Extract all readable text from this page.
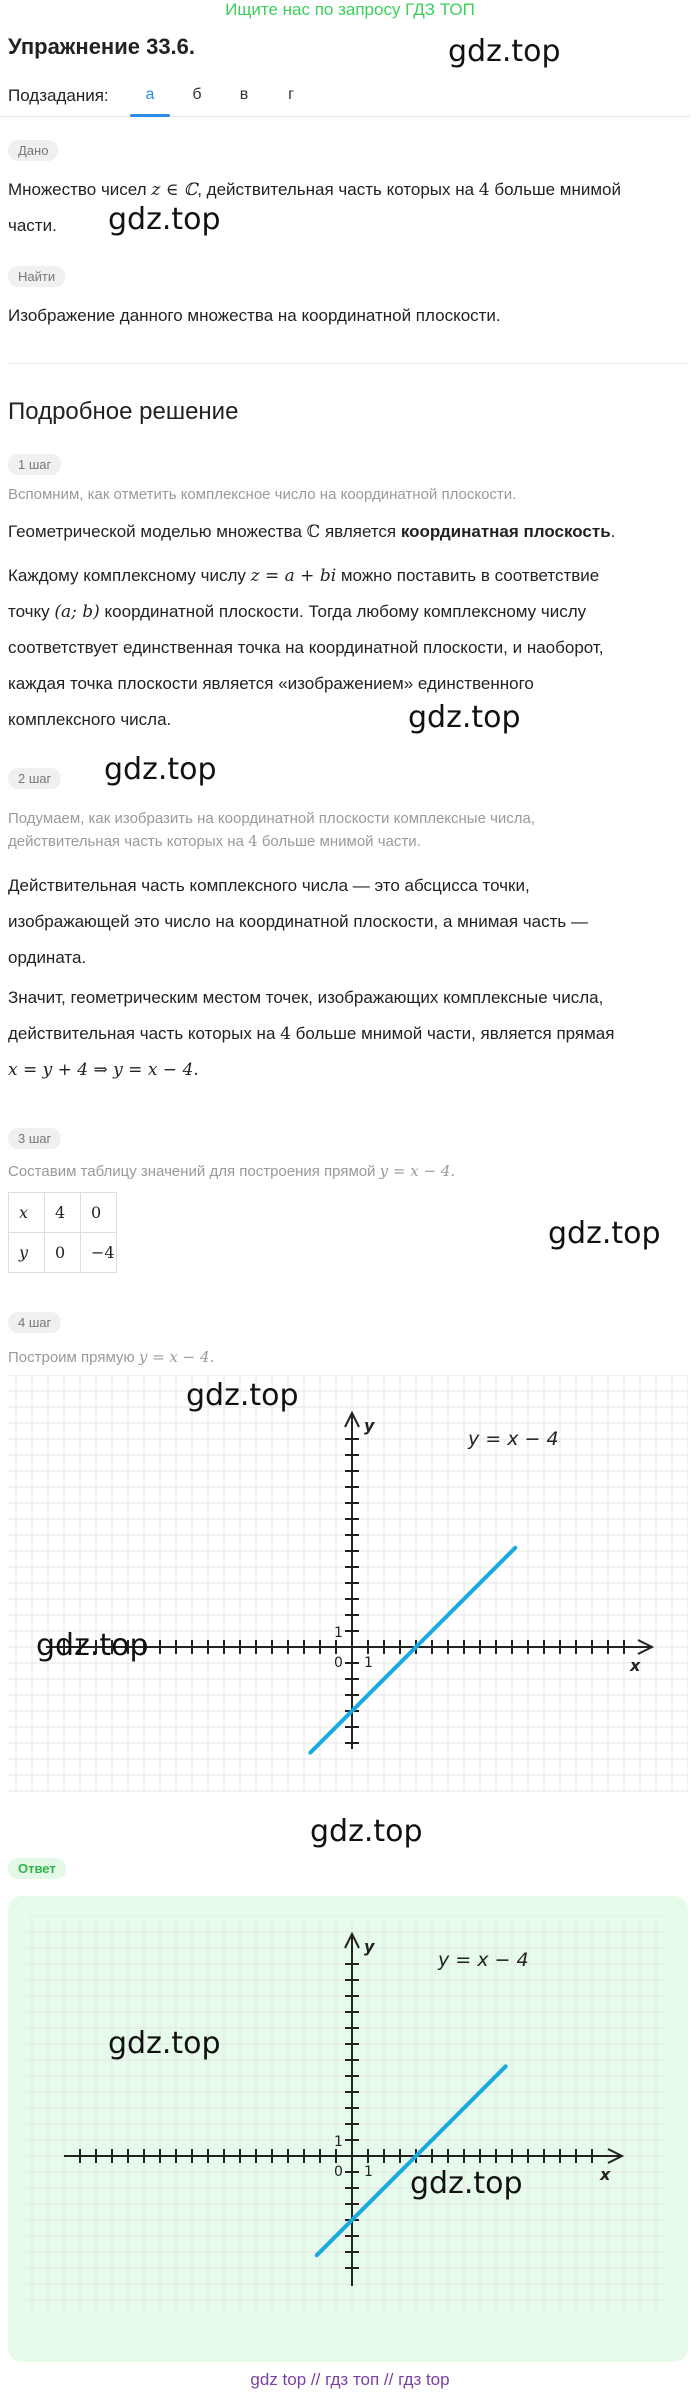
Ищите нас по запросу ГДЗ ТОП
Упражнение 33.6.	gdz.top
Подзадания:	а	б	в	г
Дано
Множество чисел z ∈ ℂ, действительная часть которых на 4 больше мнимой
части.	gdz.top
Найти
Изображение данного множества на координатной плоскости.
Подробное решение
1 шаг
Вспомним, как отметить комплексное число на координатной плоскости.
Геометрической моделью множества ℂ является координатная плоскость.
Каждому комплексному числу z = a + bi можно поставить в соответствие
точку (a; b) координатной плоскости. Тогда любому комплексному числу
соответствует единственная точка на координатной плоскости, и наоборот,
каждая точка плоскости является «изображением» единственного
комплексного числа.	gdz.top
2 шаг	gdz.top
Подумаем, как изобразить на координатной плоскости комплексные числа,
действительная часть которых на 4 больше мнимой части.
Действительная часть комплексного числа — это абсцисса точки,
изображающей это число на координатной плоскости, а мнимая часть —
ордината.
Значит, геометрическим местом точек, изображающих комплексные числа,
действительная часть которых на 4 больше мнимой части, является прямая
x = y + 4 ⇒ y = x − 4.
3 шаг
Составим таблицу значений для построения прямой y = x − 4.
x	4	0
y	0	−4
gdz.top
4 шаг
Построим прямую y = x − 4.
x
y
0 1
1
y = x − 4
gdz.top
gdz.top
gdz.top
Ответ
x
y
0 1
1
y = x − 4
gdz.top
gdz.top
gdz top // гдз топ // гдз top
